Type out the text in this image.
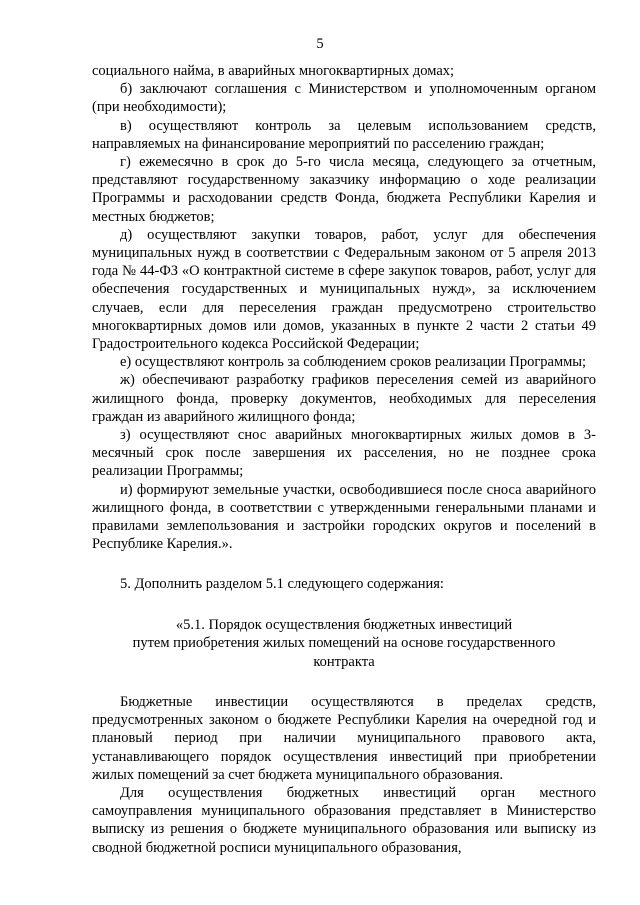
5

социального найма, в аварийных многоквартирных домах;

б) заключают соглашения с Министерством и уполномоченным органом (при необходимости);

в) осуществляют контроль за целевым использованием средств, направляемых на финансирование мероприятий по расселению граждан;

г) ежемесячно в срок до 5-го числа месяца, следующего за отчетным, представляют государственному заказчику информацию о ходе реализации Программы и расходовании средств Фонда, бюджета Республики Карелия и местных бюджетов;

д) осуществляют закупки товаров, работ, услуг для обеспечения муниципальных нужд в соответствии с Федеральным законом от 5 апреля 2013 года № 44-ФЗ «О контрактной системе в сфере закупок товаров, работ, услуг для обеспечения государственных и муниципальных нужд», за исключением случаев, если для переселения граждан предусмотрено строительство многоквартирных домов или домов, указанных в пункте 2 части 2 статьи 49 Градостроительного кодекса Российской Федерации;

е) осуществляют контроль за соблюдением сроков реализации Программы;

ж) обеспечивают разработку графиков переселения семей из аварийного жилищного фонда, проверку документов, необходимых для переселения граждан из аварийного жилищного фонда;

з) осуществляют снос аварийных многоквартирных жилых домов в 3-месячный срок после завершения их расселения, но не позднее срока реализации Программы;

и) формируют земельные участки, освободившиеся после сноса аварийного жилищного фонда, в соответствии с утвержденными генеральными планами и правилами землепользования и застройки городских округов и поселений в Республике Карелия.».

5. Дополнить разделом 5.1 следующего содержания:

«5.1. Порядок осуществления бюджетных инвестиций
путем приобретения жилых помещений на основе государственного
контракта

Бюджетные инвестиции осуществляются в пределах средств, предусмотренных законом о бюджете Республики Карелия на очередной год и плановый период при наличии муниципального правового акта, устанавливающего порядок осуществления инвестиций при приобретении жилых помещений за счет бюджета муниципального образования.

Для осуществления бюджетных инвестиций орган местного самоуправления муниципального образования представляет в Министерство выписку из решения о бюджете муниципального образования или выписку из сводной бюджетной росписи муниципального образования,
